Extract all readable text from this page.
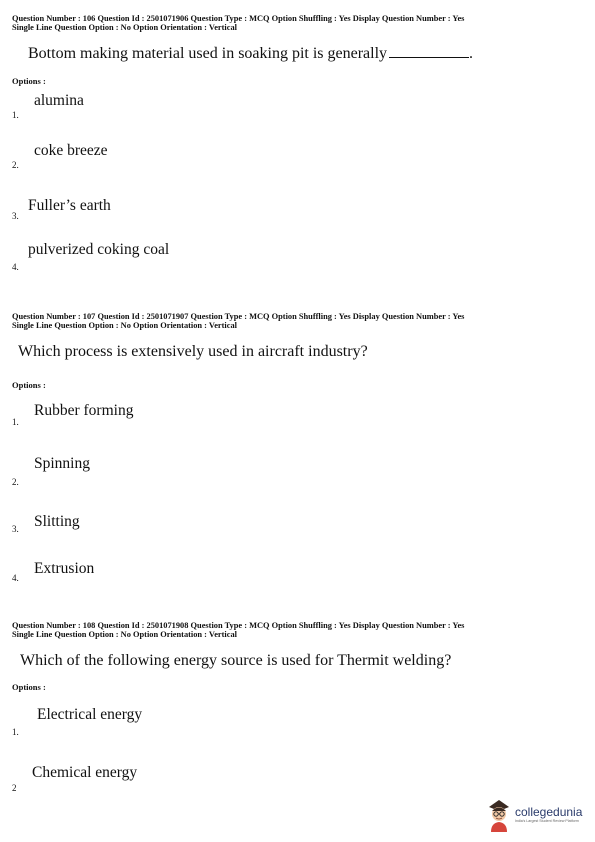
Question Number : 106 Question Id : 2501071906 Question Type : MCQ Option Shuffling : Yes Display Question Number : Yes
Single Line Question Option : No Option Orientation : Vertical
Bottom making material used in soaking pit is generally	.
Options :
alumina
1.
coke breeze
2.
Fuller’s earth
3.
pulverized coking coal
4.
Question Number : 107 Question Id : 2501071907 Question Type : MCQ Option Shuffling : Yes Display Question Number : Yes
Single Line Question Option : No Option Orientation : Vertical
Which process is extensively used in aircraft industry?
Options :
Rubber forming
1.
Spinning
2.
Slitting
3.
Extrusion
4.
Question Number : 108 Question Id : 2501071908 Question Type : MCQ Option Shuffling : Yes Display Question Number : Yes
Single Line Question Option : No Option Orientation : Vertical
Which of the following energy source is used for Thermit welding?
Options :
Electrical energy
1.
Chemical energy
2
collegedunia
India's Largest Student Review Platform
